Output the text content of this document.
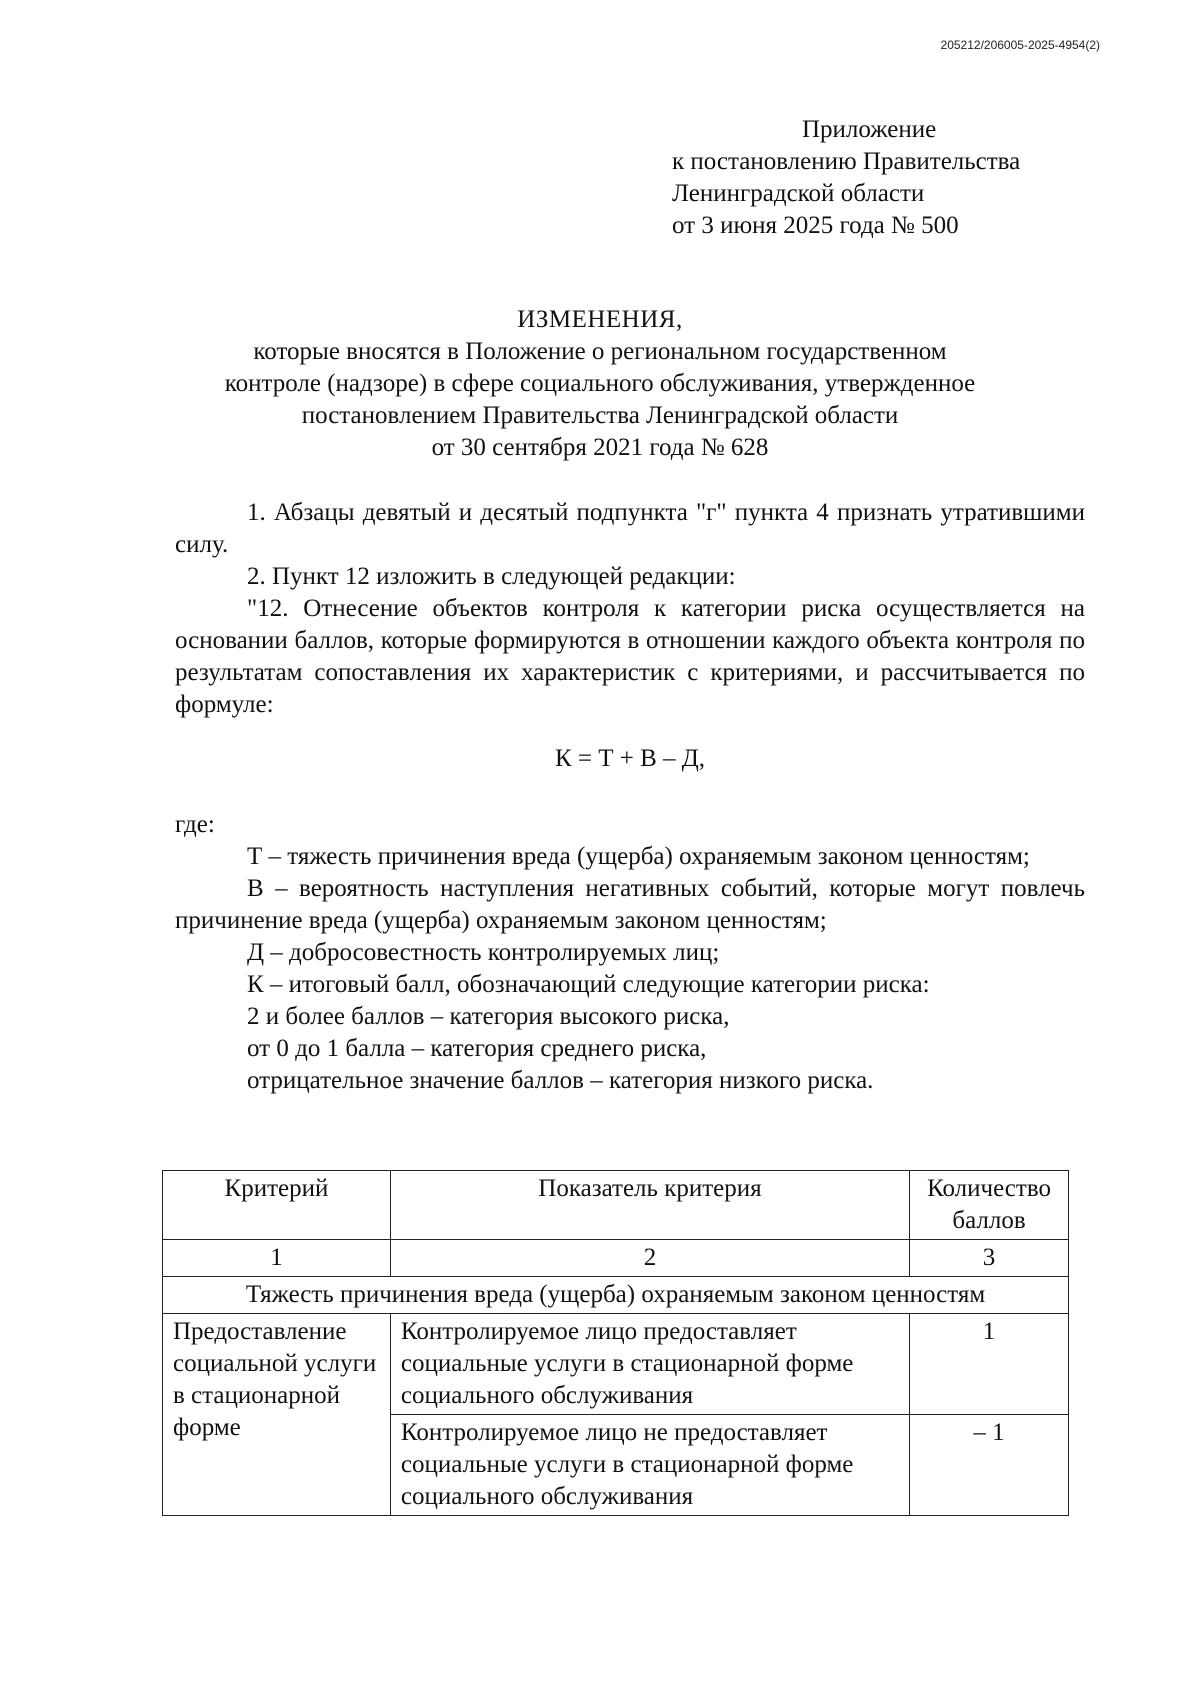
205212/206005-2025-4954(2)
Приложение
к постановлению Правительства
Ленинградской области
от 3 июня 2025 года № 500
ИЗМЕНЕНИЯ,
которые вносятся в Положение о региональном государственном
контроле (надзоре) в сфере социального обслуживания, утвержденное
постановлением Правительства Ленинградской области
от 30 сентября 2021 года № 628

1. Абзацы девятый и десятый подпункта "г" пункта 4 признать утратившими силу.

2. Пункт 12 изложить в следующей редакции:

"12. Отнесение объектов контроля к категории риска осуществляется на основании баллов, которые формируются в отношении каждого объекта контроля по результатам сопоставления их характеристик с критериями, и рассчитывается по формуле:

К = Т + В – Д,

где:

Т – тяжесть причинения вреда (ущерба) охраняемым законом ценностям;

В – вероятность наступления негативных событий, которые могут повлечь причинение вреда (ущерба) охраняемым законом ценностям;

Д – добросовестность контролируемых лиц;

К – итоговый балл, обозначающий следующие категории риска:

2 и более баллов – категория высокого риска,

от 0 до 1 балла – категория среднего риска,

отрицательное значение баллов – категория низкого риска.

Критерий	Показатель критерия	Количество баллов
1	2	3
Тяжесть причинения вреда (ущерба) охраняемым законом ценностям		
Предоставление социальной услуги в стационарной форме	Контролируемое лицо предоставляет социальные услуги в стационарной форме социального обслуживания	1
	Контролируемое лицо не предоставляет социальные услуги в стационарной форме социального обслуживания	– 1
